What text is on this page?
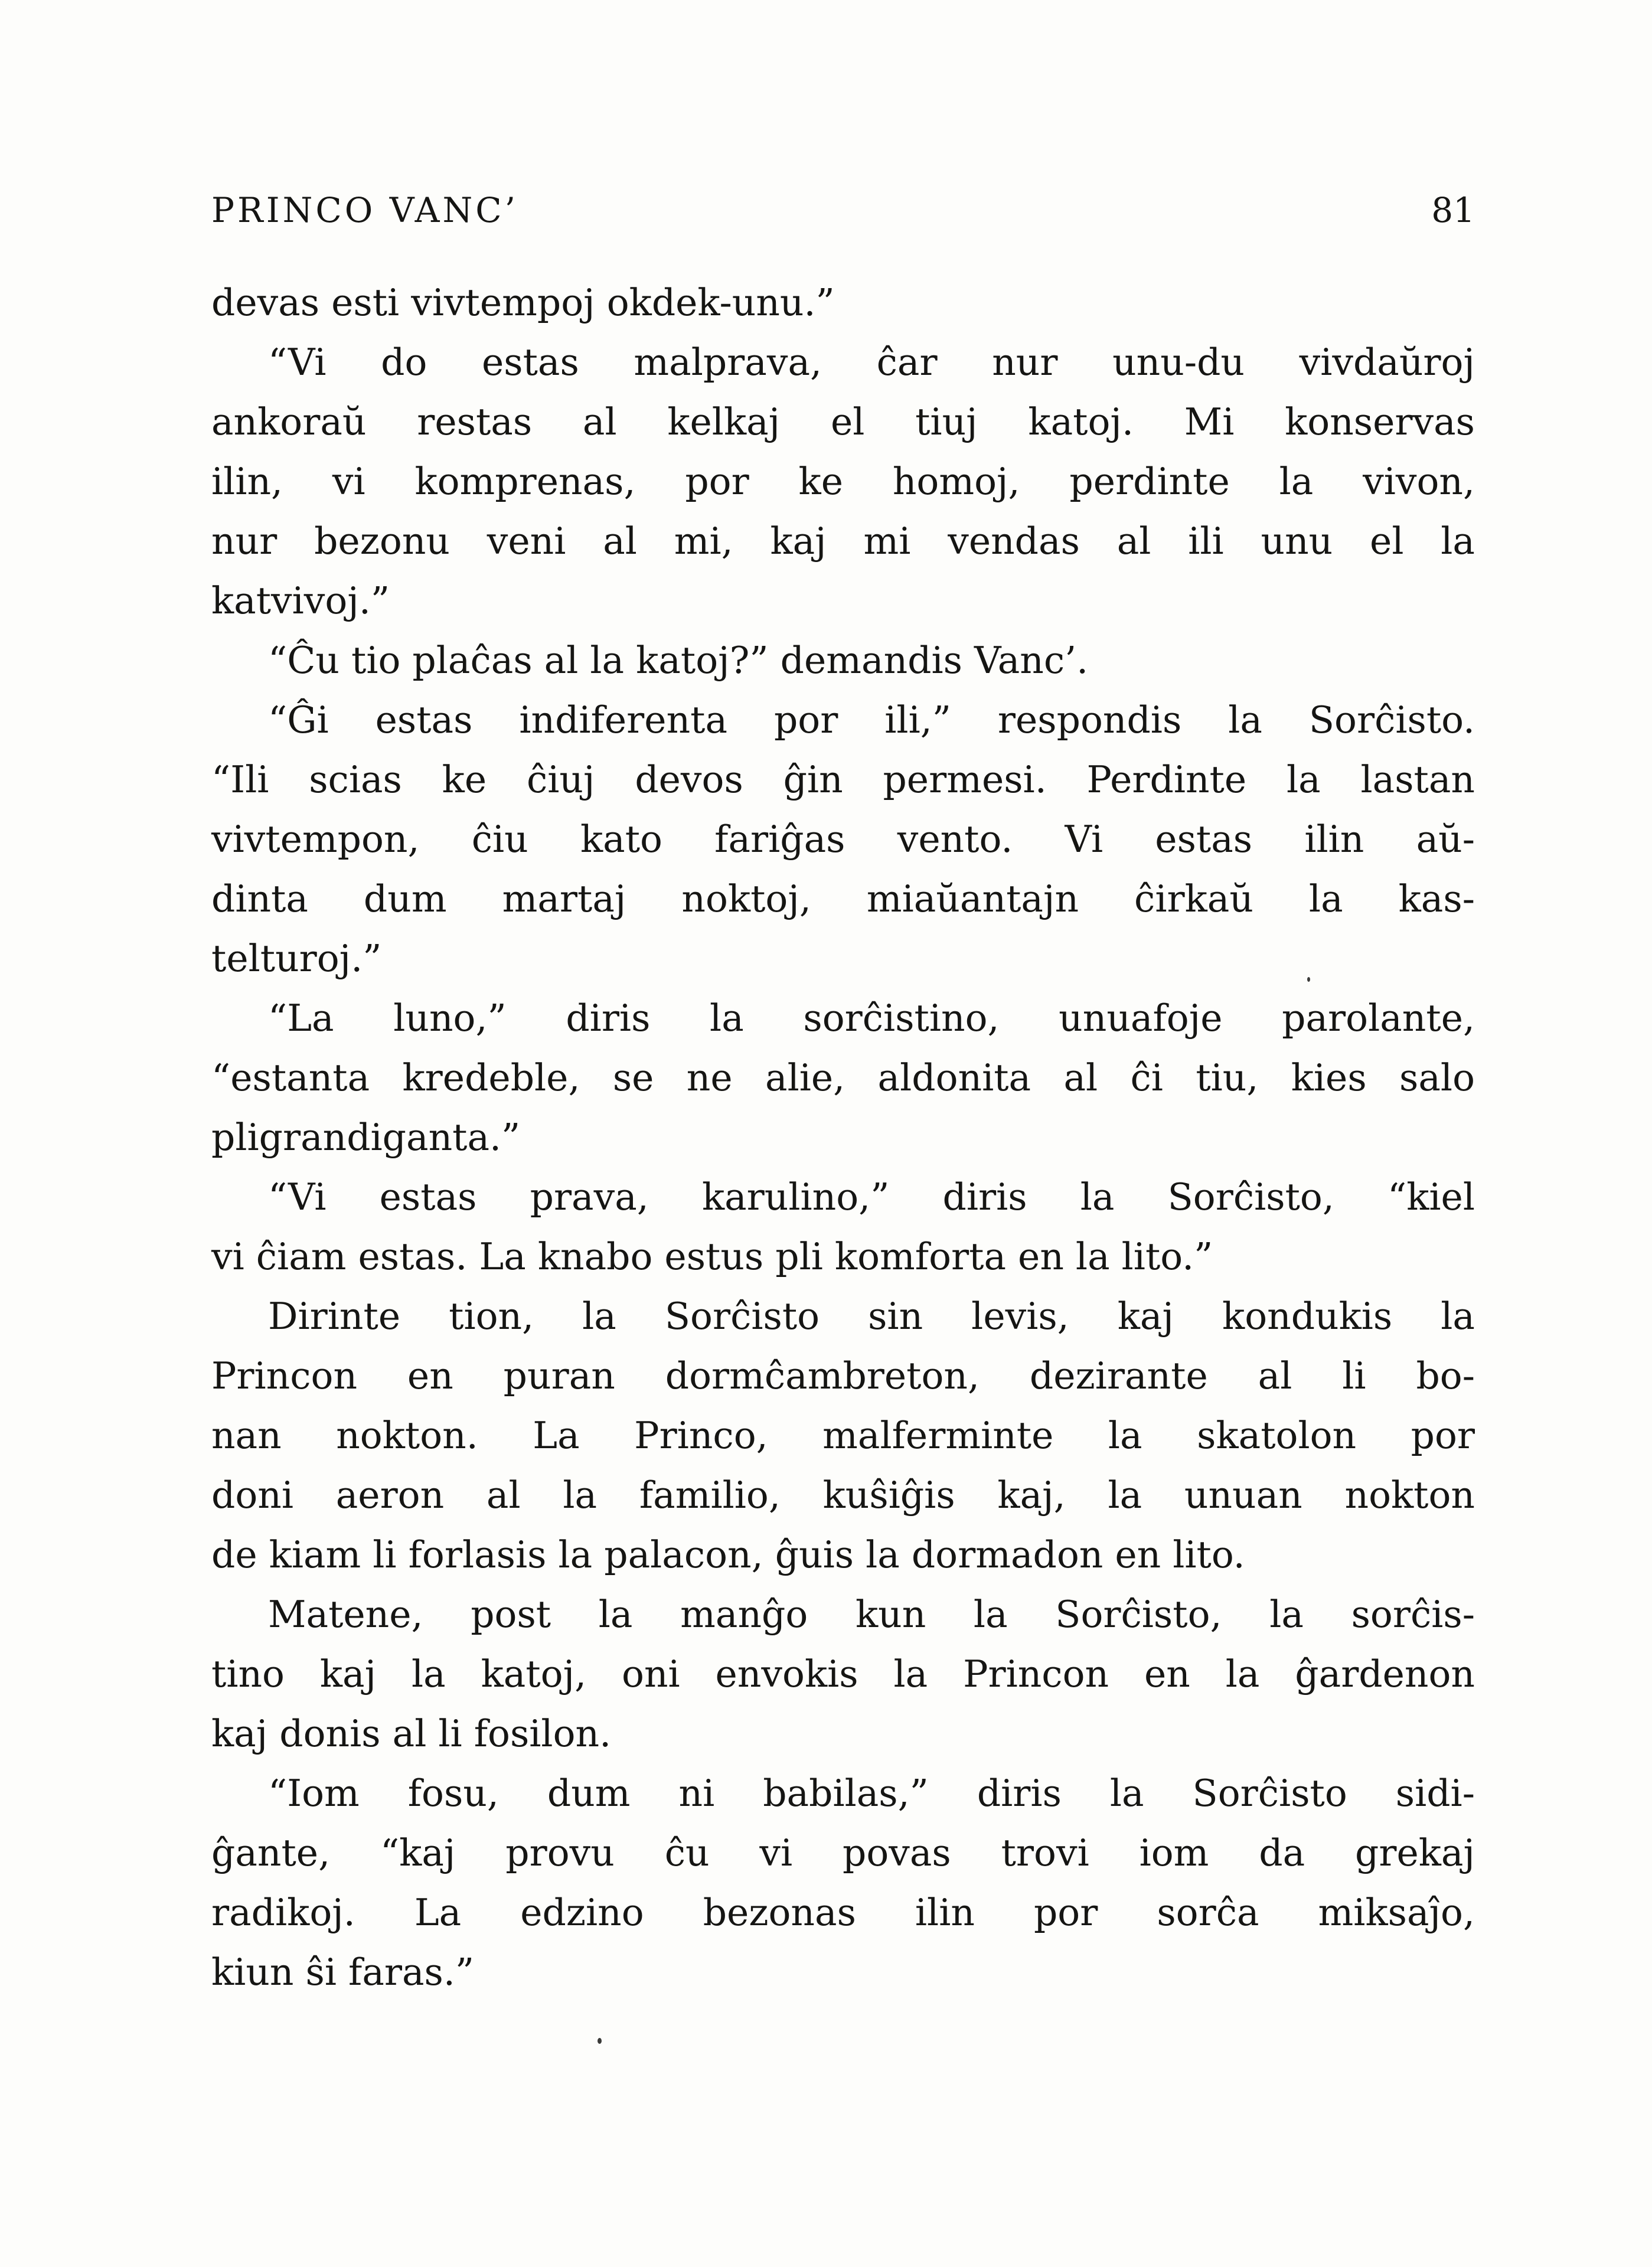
PRINCO VANC’	81
devas esti vivtempoj okdek-unu.”
“Vi do estas malprava, ĉar nur unu-du vivdaŭroj
ankoraŭ restas al kelkaj el tiuj katoj. Mi konservas
ilin, vi komprenas, por ke homoj, perdinte la vivon,
nur bezonu veni al mi, kaj mi vendas al ili unu el la
katvivoj.”
“Ĉu tio plaĉas al la katoj?” demandis Vanc’.
“Ĝi estas indiferenta por ili,” respondis la Sorĉisto.
“Ili scias ke ĉiuj devos ĝin permesi. Perdinte la lastan
vivtempon, ĉiu kato fariĝas vento. Vi estas ilin aŭ-
dinta dum martaj noktoj, miaŭantajn ĉirkaŭ la kas-
telturoj.”
“La luno,” diris la sorĉistino, unuafoje parolante,
“estanta kredeble, se ne alie, aldonita al ĉi tiu, kies salo
pligrandiganta.”
“Vi estas prava, karulino,” diris la Sorĉisto, “kiel
vi ĉiam estas. La knabo estus pli komforta en la lito.”
Dirinte tion, la Sorĉisto sin levis, kaj kondukis la
Princon en puran dormĉambreton, dezirante al li bo-
nan nokton. La Princo, malferminte la skatolon por
doni aeron al la familio, kuŝiĝis kaj, la unuan nokton
de kiam li forlasis la palacon, ĝuis la dormadon en lito.
Matene, post la manĝo kun la Sorĉisto, la sorĉis-
tino kaj la katoj, oni envokis la Princon en la ĝardenon
kaj donis al li fosilon.
“Iom fosu, dum ni babilas,” diris la Sorĉisto sidi-
ĝante, “kaj provu ĉu vi povas trovi iom da grekaj
radikoj. La edzino bezonas ilin por sorĉa miksaĵo,
kiun ŝi faras.”
